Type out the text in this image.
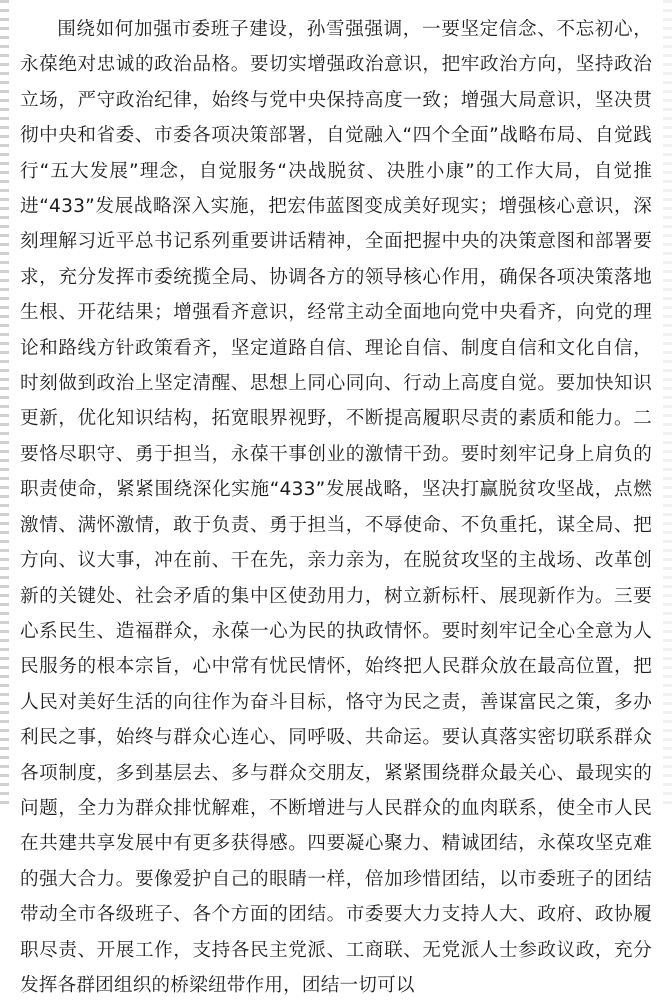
围绕如何加强市委班子建设，孙雪强强调，一要坚定信念、不忘初心，永葆绝对忠诚的政治品格。要切实增强政治意识，把牢政治方向，坚持政治立场，严守政治纪律，始终与党中央保持高度一致；增强大局意识，坚决贯彻中央和省委、市委各项决策部署，自觉融入“四个全面”战略布局、自觉践行“五大发展”理念，自觉服务“决战脱贫、决胜小康”的工作大局，自觉推进“433”发展战略深入实施，把宏伟蓝图变成美好现实；增强核心意识，深刻理解习近平总书记系列重要讲话精神，全面把握中央的决策意图和部署要求，充分发挥市委统揽全局、协调各方的领导核心作用，确保各项决策落地生根、开花结果；增强看齐意识，经常主动全面地向党中央看齐，向党的理论和路线方针政策看齐，坚定道路自信、理论自信、制度自信和文化自信，时刻做到政治上坚定清醒、思想上同心同向、行动上高度自觉。要加快知识更新，优化知识结构，拓宽眼界视野，不断提高履职尽责的素质和能力。二要恪尽职守、勇于担当，永葆干事创业的激情干劲。要时刻牢记身上肩负的职责使命，紧紧围绕深化实施“433”发展战略，坚决打赢脱贫攻坚战，点燃激情、满怀激情，敢于负责、勇于担当，不辱使命、不负重托，谋全局、把方向、议大事，冲在前、干在先，亲力亲为，在脱贫攻坚的主战场、改革创新的关键处、社会矛盾的集中区使劲用力，树立新标杆、展现新作为。三要心系民生、造福群众，永葆一心为民的执政情怀。要时刻牢记全心全意为人民服务的根本宗旨，心中常有忧民情怀，始终把人民群众放在最高位置，把人民对美好生活的向往作为奋斗目标，恪守为民之责，善谋富民之策，多办利民之事，始终与群众心连心、同呼吸、共命运。要认真落实密切联系群众各项制度，多到基层去、多与群众交朋友，紧紧围绕群众最关心、最现实的问题，全力为群众排忧解难，不断增进与人民群众的血肉联系，使全市人民在共建共享发展中有更多获得感。四要凝心聚力、精诚团结，永葆攻坚克难的强大合力。要像爱护自己的眼睛一样，倍加珍惜团结，以市委班子的团结带动全市各级班子、各个方面的团结。市委要大力支持人大、政府、政协履职尽责、开展工作，支持各民主党派、工商联、无党派人士参政议政，充分发挥各群团组织的桥梁纽带作用，团结一切可以
